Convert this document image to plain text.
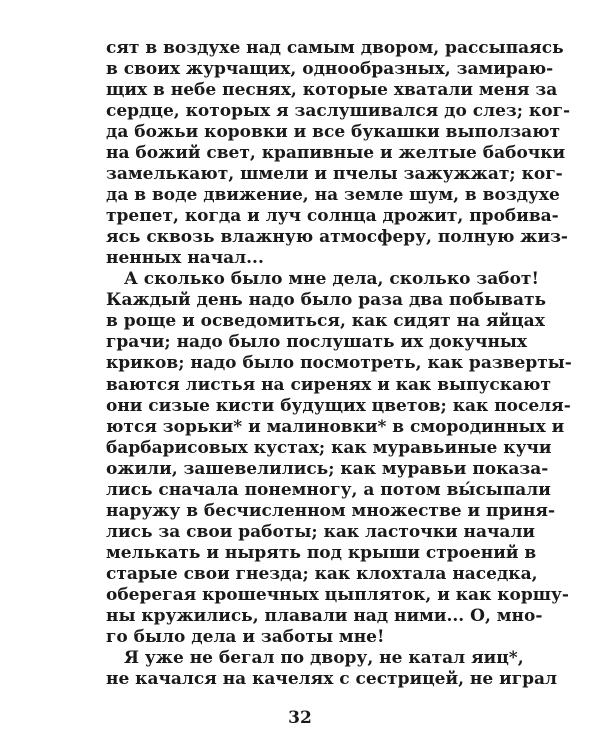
сят в воздухе над самым двором, рассыпаясь
в своих журчащих, однообразных, замираю-
щих в небе песнях, которые хватали меня за
сердце, которых я заслушивался до слез; ког-
да божьи коровки и все букашки выползают
на божий свет, крапивные и желтые бабочки
замелькают, шмели и пчелы зажужжат; ког-
да в воде движение, на земле шум, в воздухе
трепет, когда и луч солнца дрожит, пробива-
ясь сквозь влажную атмосферу, полную жиз-
ненных начал...
А сколько было мне дела, сколько забот!
Каждый день надо было раза два побывать
в роще и осведомиться, как сидят на яйцах
грачи; надо было послушать их докучных
криков; надо было посмотреть, как разверты-
ваются листья на сиренях и как выпускают
они сизые кисти будущих цветов; как поселя-
ются зорьки* и малиновки* в смородинных и
барбарисовых кустах; как муравьиные кучи
ожили, зашевелились; как муравьи показа-
лись сначала понемногу, а потом вы́сыпали
наружу в бесчисленном множестве и приня-
лись за свои работы; как ласточки начали
мелькать и нырять под крыши строений в
старые свои гнезда; как клохтала наседка,
оберегая крошечных цыпляток, и как коршу-
ны кружились, плавали над ними... О, мно-
го было дела и заботы мне!
Я уже не бегал по двору, не катал яиц*,
не качался на качелях с сестрицей, не играл
32
